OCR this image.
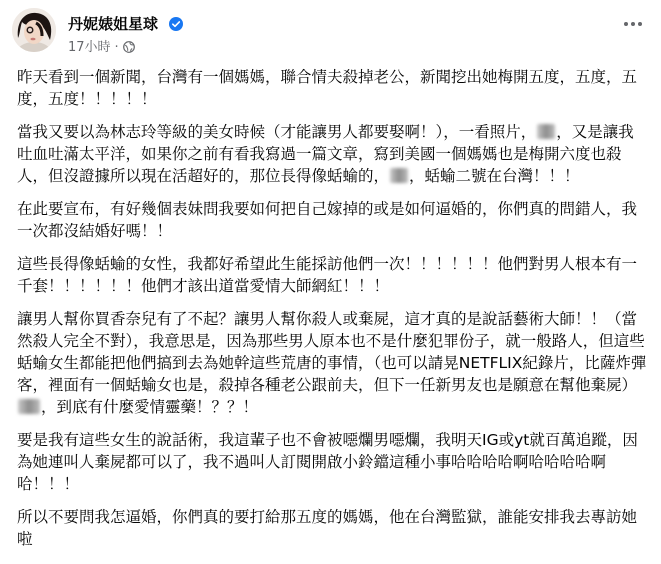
丹妮婊姐星球
17小時 ·

昨天看到一個新聞，台灣有一個媽媽，聯合情夫殺掉老公，新聞挖出她梅開五度，五度，五度，五度！！！！！

當我又要以為林志玲等級的美女時候（才能讓男人都要娶啊！），一看照片， ，又是讓我吐血吐滿太平洋，如果你之前有看我寫過一篇文章，寫到美國一個媽媽也是梅開六度也殺人，但沒證據所以現在活超好的，那位長得像蛞蝓的， ，蛞蝓二號在台灣！！！

在此要宣布，有好幾個表妹問我要如何把自己嫁掉的或是如何逼婚的，你們真的問錯人，我一次都沒結婚好嗎！！

這些長得像蛞蝓的女性，我都好希望此生能採訪他們一次！！！！！！他們對男人根本有一千套！！！！！！他們才該出道當愛情大師網紅！！！

讓男人幫你買香奈兒有了不起？讓男人幫你殺人或棄屍，這才真的是說話藝術大師！！（當然殺人完全不對），我意思是，因為那些男人原本也不是什麼犯罪份子，就一般路人，但這些蛞蝓女生都能把他們搞到去為她幹這些荒唐的事情，（也可以請晃NETFLIX紀錄片，比薩炸彈客，裡面有一個蛞蝓女也是，殺掉各種老公跟前夫，但下一任新男友也是願意在幫他棄屍），到底有什麼愛情靈藥！？？！

要是我有這些女生的說話術，我這輩子也不會被噁爛男噁爛，我明天IG或yt就百萬追蹤，因為她連叫人棄屍都可以了，我不過叫人訂閱開啟小鈴鐺這種小事哈哈哈哈啊哈哈哈哈啊哈！！！

所以不要問我怎逼婚，你們真的要打給那五度的媽媽，他在台灣監獄，誰能安排我去專訪她啦
